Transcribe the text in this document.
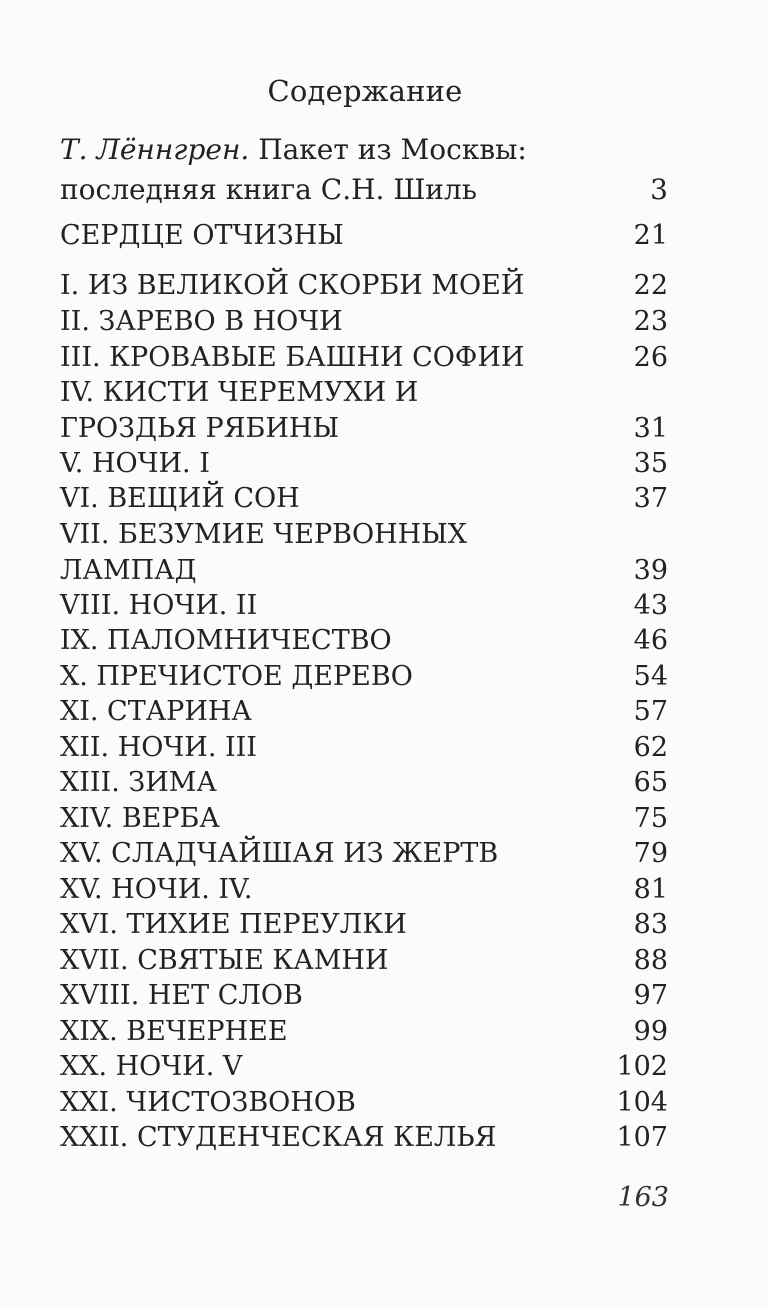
Содержание
Т. Лённгрен. Пакет из Москвы:
последняя книга С.Н. Шиль	3
СЕРДЦЕ ОТЧИЗНЫ	21
I. ИЗ ВЕЛИКОЙ СКОРБИ МОЕЙ	22
II. ЗАРЕВО В НОЧИ	23
III. КРОВАВЫЕ БАШНИ СОФИИ	26
IV. КИСТИ ЧЕРЕМУХИ И
ГРОЗДЬЯ РЯБИНЫ	31
V. НОЧИ. I	35
VI. ВЕЩИЙ СОН	37
VII. БЕЗУМИЕ ЧЕРВОННЫХ
ЛАМПАД	39
VIII. НОЧИ. II	43
IX. ПАЛОМНИЧЕСТВО	46
X. ПРЕЧИСТОЕ ДЕРЕВО	54
XI. СТАРИНА	57
XII. НОЧИ. III	62
XIII. ЗИМА	65
XIV. ВЕРБА	75
XV. СЛАДЧАЙШАЯ ИЗ ЖЕРТВ	79
XV. НОЧИ. IV.	81
XVI. ТИХИЕ ПЕРЕУЛКИ	83
XVII. СВЯТЫЕ КАМНИ	88
XVIII. НЕТ СЛОВ	97
XIX. ВЕЧЕРНЕЕ	99
XX. НОЧИ. V	102
XXI. ЧИСТОЗВОНОВ	104
XXII. СТУДЕНЧЕСКАЯ КЕЛЬЯ	107
163
